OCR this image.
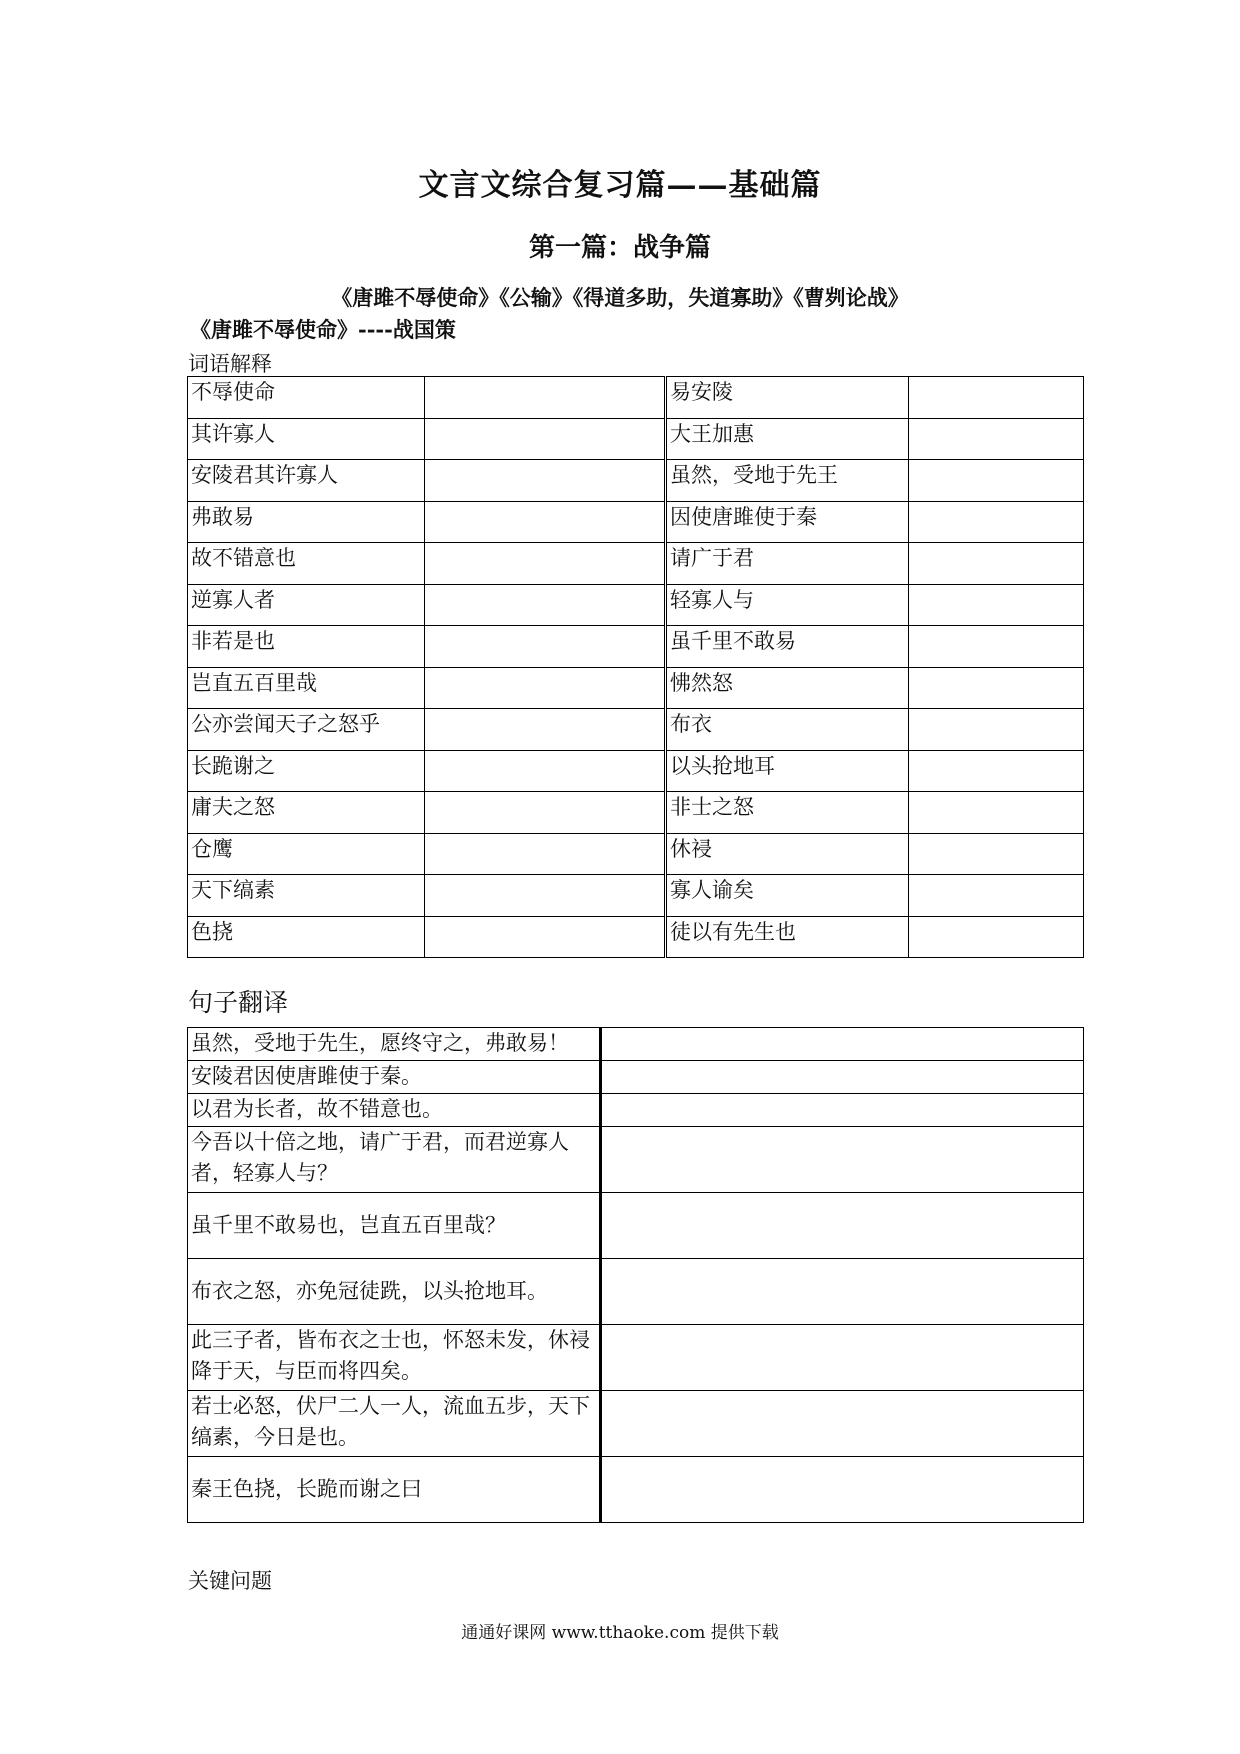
文言文综合复习篇——基础篇
第一篇：战争篇
《唐雎不辱使命》《公输》《得道多助，失道寡助》《曹刿论战》
《唐雎不辱使命》----战国策
词语解释
不辱使命			易安陵	
其许寡人			大王加惠	
安陵君其许寡人			虽然，受地于先王	
弗敢易			因使唐雎使于秦	
故不错意也			请广于君	
逆寡人者			轻寡人与	
非若是也			虽千里不敢易	
岂直五百里哉			怫然怒	
公亦尝闻天子之怒乎			布衣	
长跪谢之			以头抢地耳	
庸夫之怒			非士之怒	
仓鹰			休祲	
天下缟素			寡人谕矣	
色挠			徒以有先生也	
句子翻译
虽然，受地于先生，愿终守之，弗敢易！	
安陵君因使唐雎使于秦。	
以君为长者，故不错意也。	
今吾以十倍之地，请广于君，而君逆寡人者，轻寡人与？	
虽千里不敢易也，岂直五百里哉？	
布衣之怒，亦免冠徒跣，以头抢地耳。	
此三子者，皆布衣之士也，怀怒未发，休祲降于天，与臣而将四矣。	
若士必怒，伏尸二人一人，流血五步，天下缟素，今日是也。	
秦王色挠，长跪而谢之曰	
关键问题
通通好课网 www.tthaoke.com 提供下载
